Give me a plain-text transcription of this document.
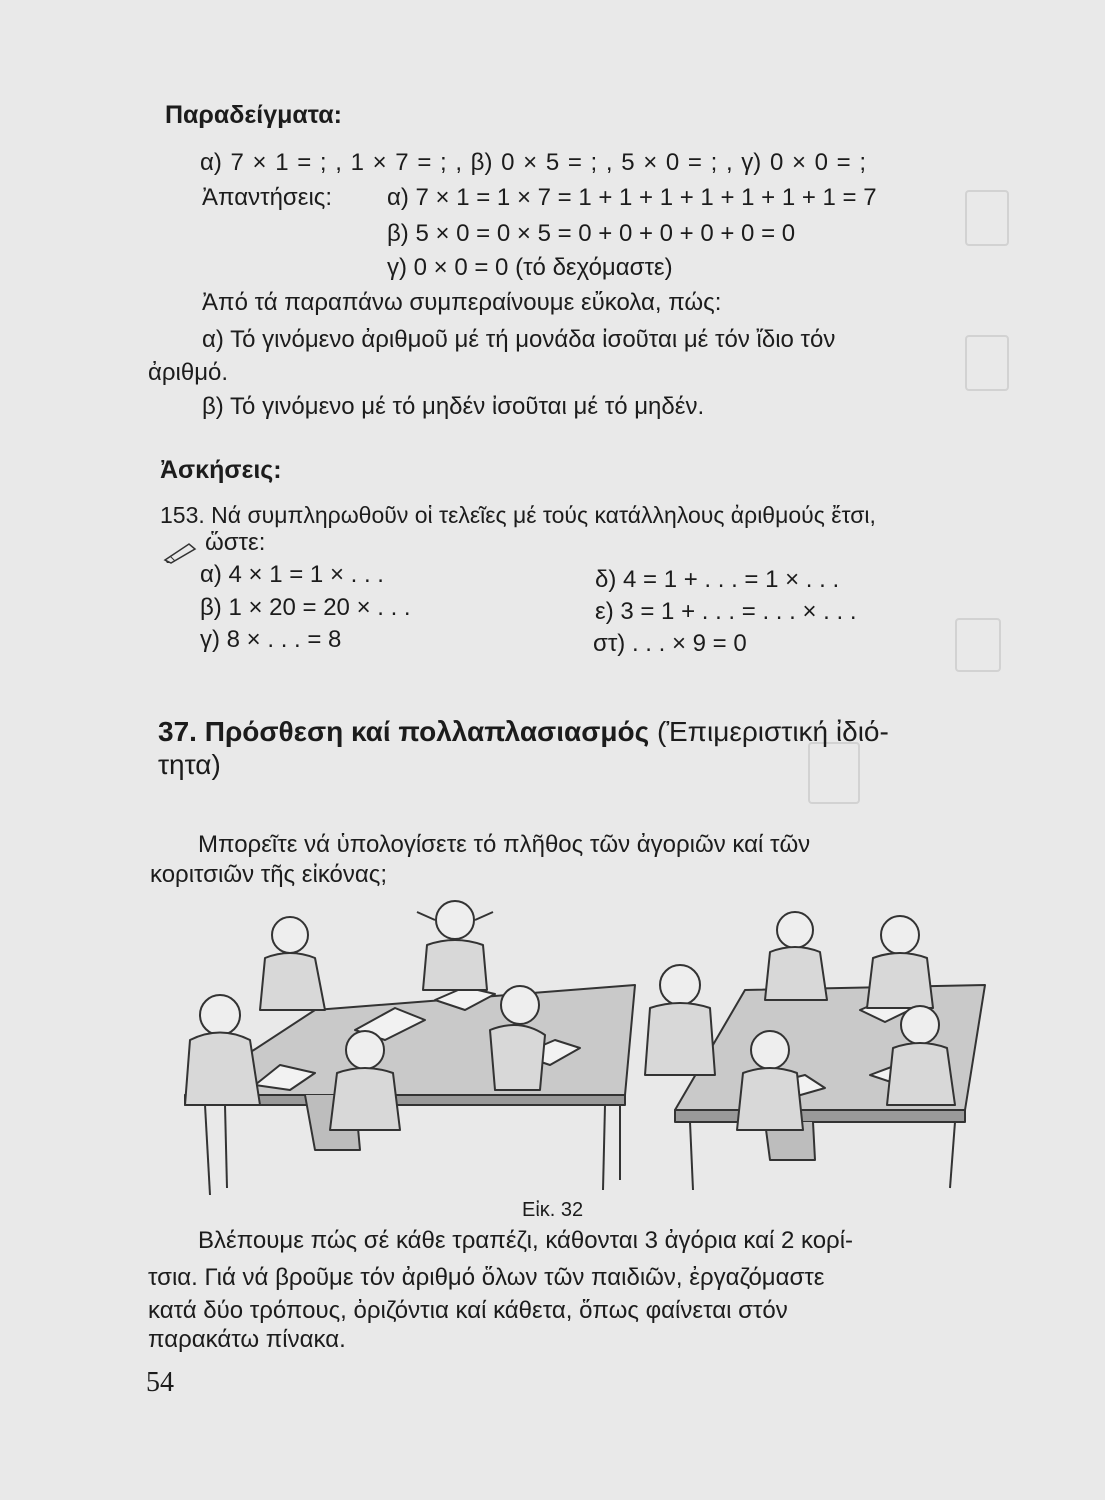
Παραδείγματα:
α) 7 × 1 = ; , 1 × 7 = ; , β) 0 × 5 = ; , 5 × 0 = ; , γ) 0 × 0 = ;
Ἀπαντήσεις: α) 7 × 1 = 1 × 7 = 1 + 1 + 1 + 1 + 1 + 1 + 1 = 7
β) 5 × 0 = 0 × 5 = 0 + 0 + 0 + 0 + 0 = 0
γ) 0 × 0 = 0 (τό δεχόμαστε)
Ἀπό τά παραπάνω συμπεραίνουμε εὔκολα, πώς:
α) Τό γινόμενο ἀριθμοῦ μέ τή μονάδα ἰσοῦται μέ τόν ἴδιο τόν
ἀριθμό.
β) Τό γινόμενο μέ τό μηδέν ἰσοῦται μέ τό μηδέν.
Ἀσκήσεις:
153. Νά συμπληρωθοῦν οἱ τελεῖες μέ τούς κατάλληλους ἀριθμούς ἔτσι,
ὥστε:
α) 4 × 1 = 1 × . . .
β) 1 × 20 = 20 × . . .
γ) 8 × . . . = 8
δ) 4 = 1 + . . . = 1 × . . .
ε) 3 = 1 + . . . = . . . × . . .
στ) . . . × 9 = 0
37. Πρόσθεση καί πολλαπλασιασμός (Ἐπιμεριστική ἰδιό-
τητα)
Μπορεῖτε νά ὑπολογίσετε τό πλῆθος τῶν ἀγοριῶν καί τῶν
κοριτσιῶν τῆς εἰκόνας;
Εἰκ. 32
Βλέπουμε πώς σέ κάθε τραπέζι, κάθονται 3 ἀγόρια καί 2 κορί-
τσια. Γιά νά βροῦμε τόν ἀριθμό ὅλων τῶν παιδιῶν, ἐργαζόμαστε
κατά δύο τρόπους, ὀριζόντια καί κάθετα, ὅπως φαίνεται στόν
παρακάτω πίνακα.
54
